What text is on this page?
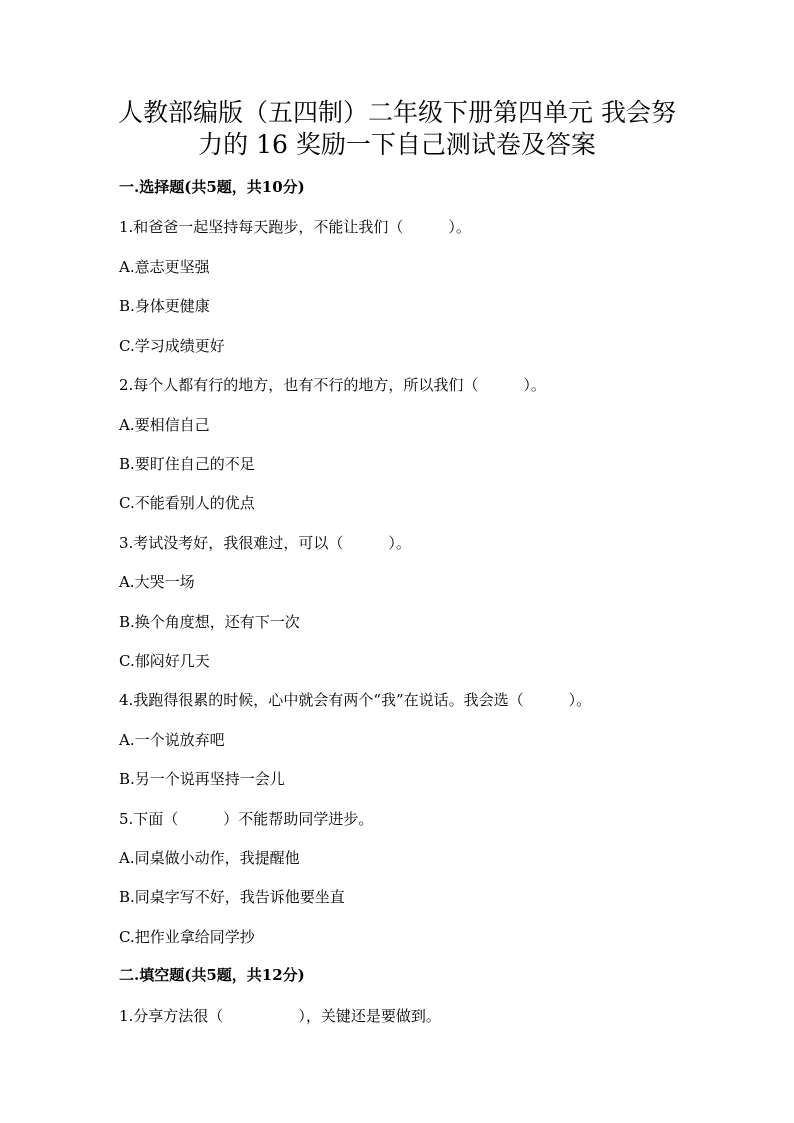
人教部编版（五四制）二年级下册第四单元 我会努
力的 16 奖励一下自己测试卷及答案
一.选择题(共5题，共10分)
1.和爸爸一起坚持每天跑步，不能让我们（　　　）。
A.意志更坚强
B.身体更健康
C.学习成绩更好
2.每个人都有行的地方，也有不行的地方，所以我们（　　　）。
A.要相信自己
B.要盯住自己的不足
C.不能看别人的优点
3.考试没考好，我很难过，可以（　　　）。
A.大哭一场
B.换个角度想，还有下一次
C.郁闷好几天
4.我跑得很累的时候，心中就会有两个“我”在说话。我会选（　　　）。
A.一个说放弃吧
B.另一个说再坚持一会儿
5.下面（　　　）不能帮助同学进步。
A.同桌做小动作，我提醒他
B.同桌字写不好，我告诉他要坐直
C.把作业拿给同学抄
二.填空题(共5题，共12分)
1.分享方法很（　　　　　），关键还是要做到。
